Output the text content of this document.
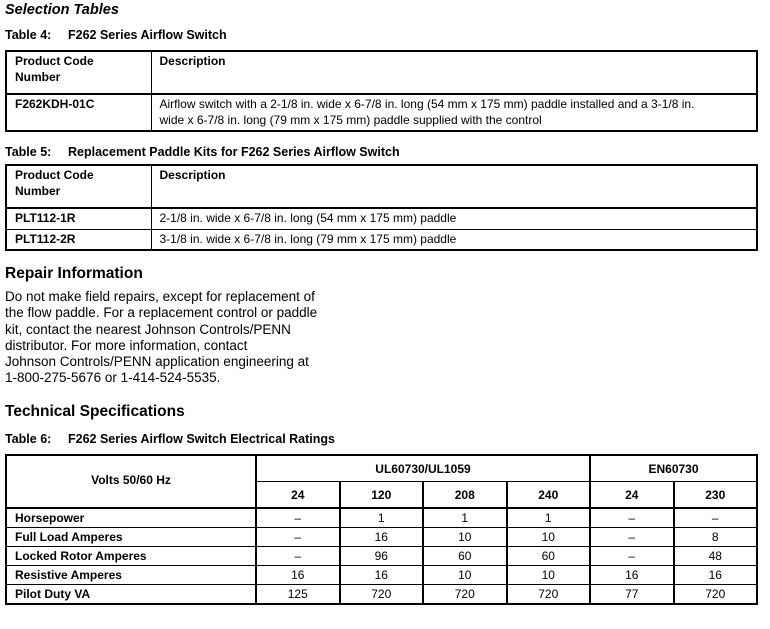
Selection Tables
Table 4: F262 Series Airflow Switch
Product Code Number	Description
F262KDH-01C	Airflow switch with a 2-1/8 in. wide x 6-7/8 in. long (54 mm x 175 mm) paddle installed and a 3-1/8 in. wide x 6-7/8 in. long (79 mm x 175 mm) paddle supplied with the control
Table 5: Replacement Paddle Kits for F262 Series Airflow Switch
Product Code Number	Description
PLT112-1R	2-1/8 in. wide x 6-7/8 in. long (54 mm x 175 mm) paddle
PLT112-2R	3-1/8 in. wide x 6-7/8 in. long (79 mm x 175 mm) paddle
Repair Information
Do not make field repairs, except for replacement of
the flow paddle. For a replacement control or paddle
kit, contact the nearest Johnson Controls/PENN
distributor. For more information, contact
Johnson Controls/PENN application engineering at
1-800-275-5676 or 1-414-524-5535.
Technical Specifications
Table 6: F262 Series Airflow Switch Electrical Ratings
Volts 50/60 Hz	UL60730/UL1059				EN60730	
	24	120	208	240	24	230
Horsepower	–	1	1	1	–	–
Full Load Amperes	–	16	10	10	–	8
Locked Rotor Amperes	–	96	60	60	–	48
Resistive Amperes	16	16	10	10	16	16
Pilot Duty VA	125	720	720	720	77	720
